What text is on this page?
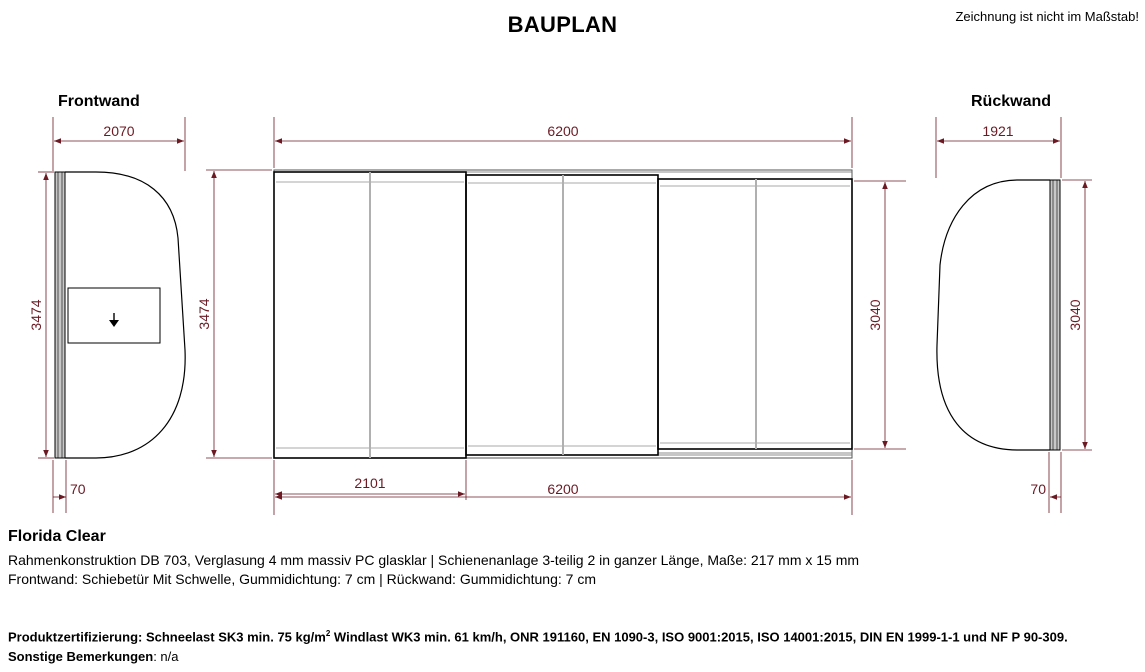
BAUPLAN	Zeichnung ist nicht im Maßstab!
Frontwand
2070
3474
70
6200
3474	3040
2101	6200
Rückwand
1921
3040
70
Florida Clear
Rahmenkonstruktion DB 703, Verglasung 4 mm massiv PC glasklar | Schienenanlage 3-teilig 2 in ganzer Länge, Maße: 217 mm x 15 mm
Frontwand: Schiebetür Mit Schwelle, Gummidichtung: 7 cm | Rückwand: Gummidichtung: 7 cm
Produktzertifizierung: Schneelast SK3 min. 75 $kg/m^2$ Windlast WK3 min. 61 km/h, ONR 191160, EN 1090-3, ISO 9001:2015, ISO 14001:2015, DIN EN 1999-1-1 und NF P 90-309.
Sonstige Bemerkungen: n/a
